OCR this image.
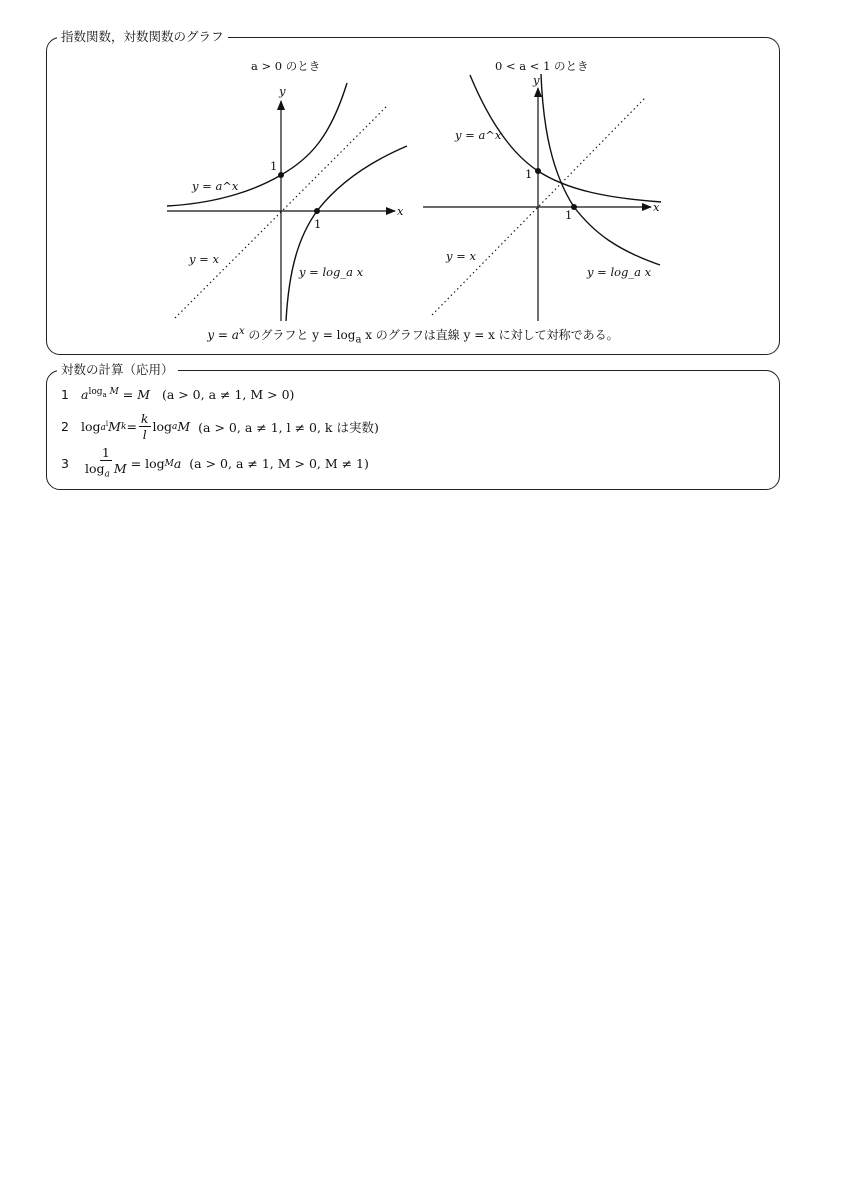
指数関数，対数関数のグラフ
a > 0 のとき
x
y
1
1
y = a^x
y = x
y = log_a x
0 < a < 1 のとき
x
y
1
1
y = a^x
y = x
y = log_a x
$y = a^x$ のグラフと $y = \log_a x$ のグラフは直線 y = x に対して対称である。
対数の計算（応用）
1 $a^{log_a M} = M$ (a > 0, a ≠ 1, M > 0)
2 $\log a^l$ M $k = \frac{k}{l}$ log a M
(a > 0, a ≠ 1, l ≠ 0, k は実数)
3	$\frac{1}{\log_a M} = \log M$ a
(a > 0, a ≠ 1, M > 0, M ≠ 1)
